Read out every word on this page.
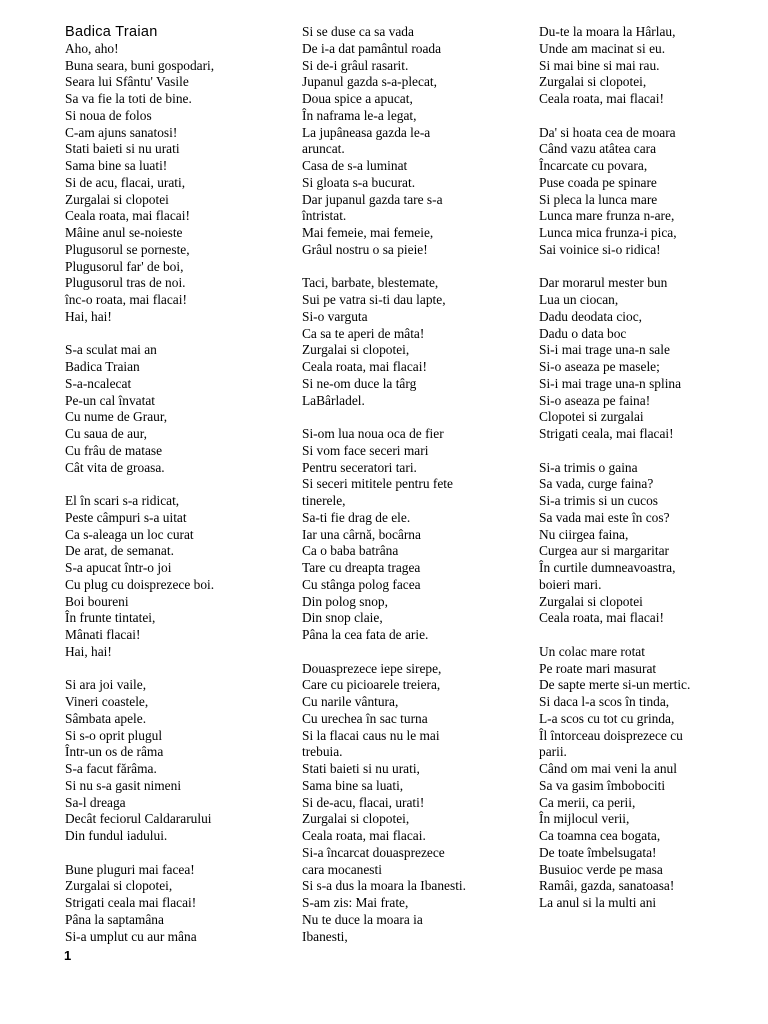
Badica Traian
Aho, aho!
Buna seara, buni gospodari,
Seara lui Sfântu' Vasile
Sa va fie la toti de bine.
Si noua de folos
C-am ajuns sanatosi!
Stati baieti si nu urati
Sama bine sa luati!
Si de acu, flacai, urati,
Zurgalai si clopotei
Ceala roata, mai flacai!
Mâine anul se-noieste
Plugusorul se porneste,
Plugusorul far' de boi,
Plugusorul tras de noi.
înc-o roata, mai flacai!
Hai, hai!
S-a sculat mai an
Badica Traian
S-a-ncalecat
Pe-un cal învatat
Cu nume de Graur,
Cu saua de aur,
Cu frâu de matase
Cât vita de groasa.
El în scari s-a ridicat,
Peste câmpuri s-a uitat
Ca s-aleaga un loc curat
De arat, de semanat.
S-a apucat într-o joi
Cu plug cu doisprezece boi.
Boi boureni
În frunte tintatei,
Mânati flacai!
Hai, hai!
Si ara joi vaile,
Vineri coastele,
Sâmbata apele.
Si s-o oprit plugul
Într-un os de râma
S-a facut fărâma.
Si nu s-a gasit nimeni
Sa-l dreaga
Decât feciorul Caldararului
Din fundul iadului.
Bune pluguri mai facea!
Zurgalai si clopotei,
Strigati ceala mai flacai!
Pâna la saptamâna
Si-a umplut cu aur mâna
Si se duse ca sa vada
De i-a dat pamântul roada
Si de-i grâul rasarit.
Jupanul gazda s-a-plecat,
Doua spice a apucat,
În naframa le-a legat,
La jupâneasa gazda le-a
aruncat.
Casa de s-a luminat
Si gloata s-a bucurat.
Dar jupanul gazda tare s-a
întristat.
Mai femeie, mai femeie,
Grâul nostru o sa pieie!
Taci, barbate, blestemate,
Sui pe vatra si-ti dau lapte,
Si-o varguta
Ca sa te aperi de mâta!
Zurgalai si clopotei,
Ceala roata, mai flacai!
Si ne-om duce la târg
LaBârladel.
Si-om lua noua oca de fier
Si vom face seceri mari
Pentru seceratori tari.
Si seceri mititele pentru fete
tinerele,
Sa-ti fie drag de ele.
Iar una cârnă, bocârna
Ca o baba batrâna
Tare cu dreapta tragea
Cu stânga polog facea
Din polog snop,
Din snop claie,
Pâna la cea fata de arie.
Douasprezece iepe sirepe,
Care cu picioarele treiera,
Cu narile vântura,
Cu urechea în sac turna
Si la flacai caus nu le mai
trebuia.
Stati baieti si nu urati,
Sama bine sa luati,
Si de-acu, flacai, urati!
Zurgalai si clopotei,
Ceala roata, mai flacai.
Si-a încarcat douasprezece
cara mocanesti
Si s-a dus la moara la Ibanesti.
S-am zis: Mai frate,
Nu te duce la moara ia
Ibanesti,
Du-te la moara la Hârlau,
Unde am macinat si eu.
Si mai bine si mai rau.
Zurgalai si clopotei,
Ceala roata, mai flacai!
Da' si hoata cea de moara
Când vazu atâtea cara
Încarcate cu povara,
Puse coada pe spinare
Si pleca la lunca mare
Lunca mare frunza n-are,
Lunca mica frunza-i pica,
Sai voinice si-o ridica!
Dar morarul mester bun
Lua un ciocan,
Dadu deodata cioc,
Dadu o data boc
Si-i mai trage una-n sale
Si-o aseaza pe masele;
Si-i mai trage una-n splina
Si-o aseaza pe faina!
Clopotei si zurgalai
Strigati ceala, mai flacai!
Si-a trimis o gaina
Sa vada, curge faina?
Si-a trimis si un cucos
Sa vada mai este în cos?
Nu ciirgea faina,
Curgea aur si margaritar
În curtile dumneavoastra,
boieri mari.
Zurgalai si clopotei
Ceala roata, mai flacai!
Un colac mare rotat
Pe roate mari masurat
De sapte merte si-un mertic.
Si daca l-a scos în tinda,
L-a scos cu tot cu grinda,
Îl întorceau doisprezece cu
parii.
Când om mai veni la anul
Sa va gasim îmbobociti
Ca merii, ca perii,
În mijlocul verii,
Ca toamna cea bogata,
De toate îmbelsugata!
Busuioc verde pe masa
Ramâi, gazda, sanatoasa!
La anul si la multi ani
1
